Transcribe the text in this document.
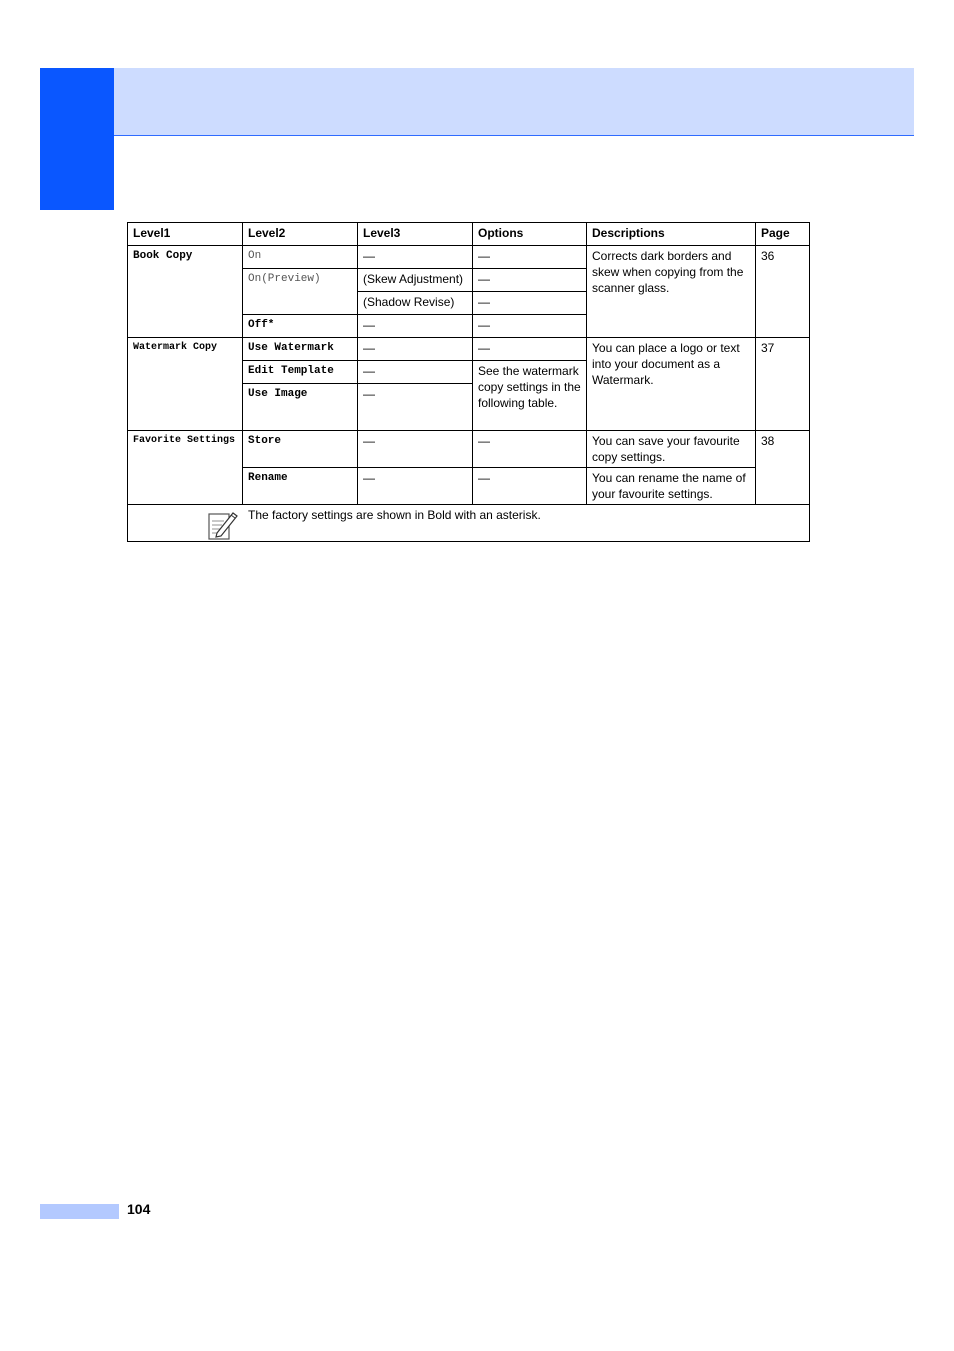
Level1	Level2	Level3	Options	Descriptions	Page
Book Copy	On	—	—	Corrects dark borders and skew when copying from the scanner glass.	36
	On(Preview)	(Skew Adjustment)	—		
		(Shadow Revise)	—		
	Off*	—	—		
Watermark Copy	Use Watermark	—	—	You can place a logo or text into your document as a Watermark.	37
	Edit Template	—	See the watermark copy settings in the following table.		
	Use Image	—			
Favorite Settings	Store	—	—	You can save your favourite copy settings.	38
	Rename	—	—	You can rename the name of your favourite settings.	

The factory settings are shown in Bold with an asterisk.					
104
